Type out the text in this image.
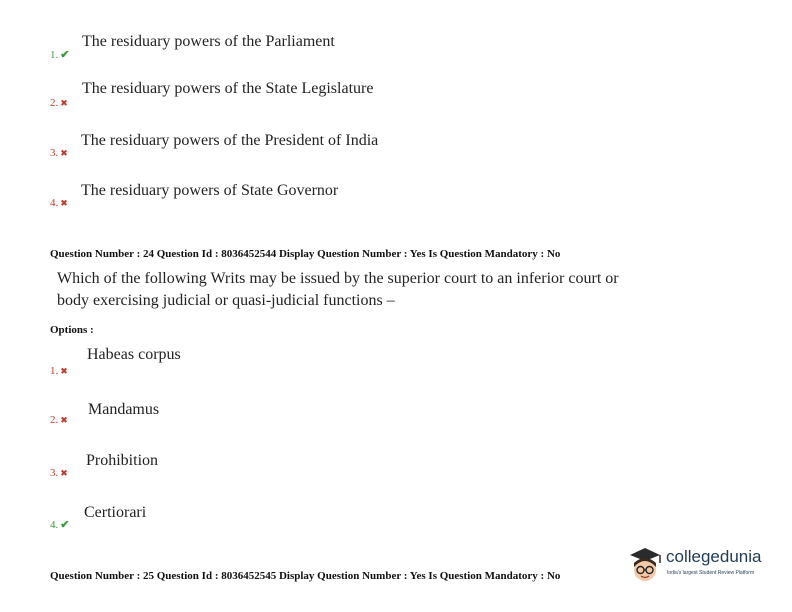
1. ✔
The residuary powers of the Parliament
2. ✖
The residuary powers of the State Legislature
3. ✖
The residuary powers of the President of India
4. ✖
The residuary powers of State Governor
Question Number : 24 Question Id : 8036452544 Display Question Number : Yes Is Question Mandatory : No
Which of the following Writs may be issued by the superior court to an inferior court or
body exercising judicial or quasi-judicial functions –
Options :
1. ✖
Habeas corpus
2. ✖
Mandamus
3. ✖
Prohibition
4. ✔
Certiorari
Question Number : 25 Question Id : 8036452545 Display Question Number : Yes Is Question Mandatory : No
collegedunia
India's largest Student Review Platform
